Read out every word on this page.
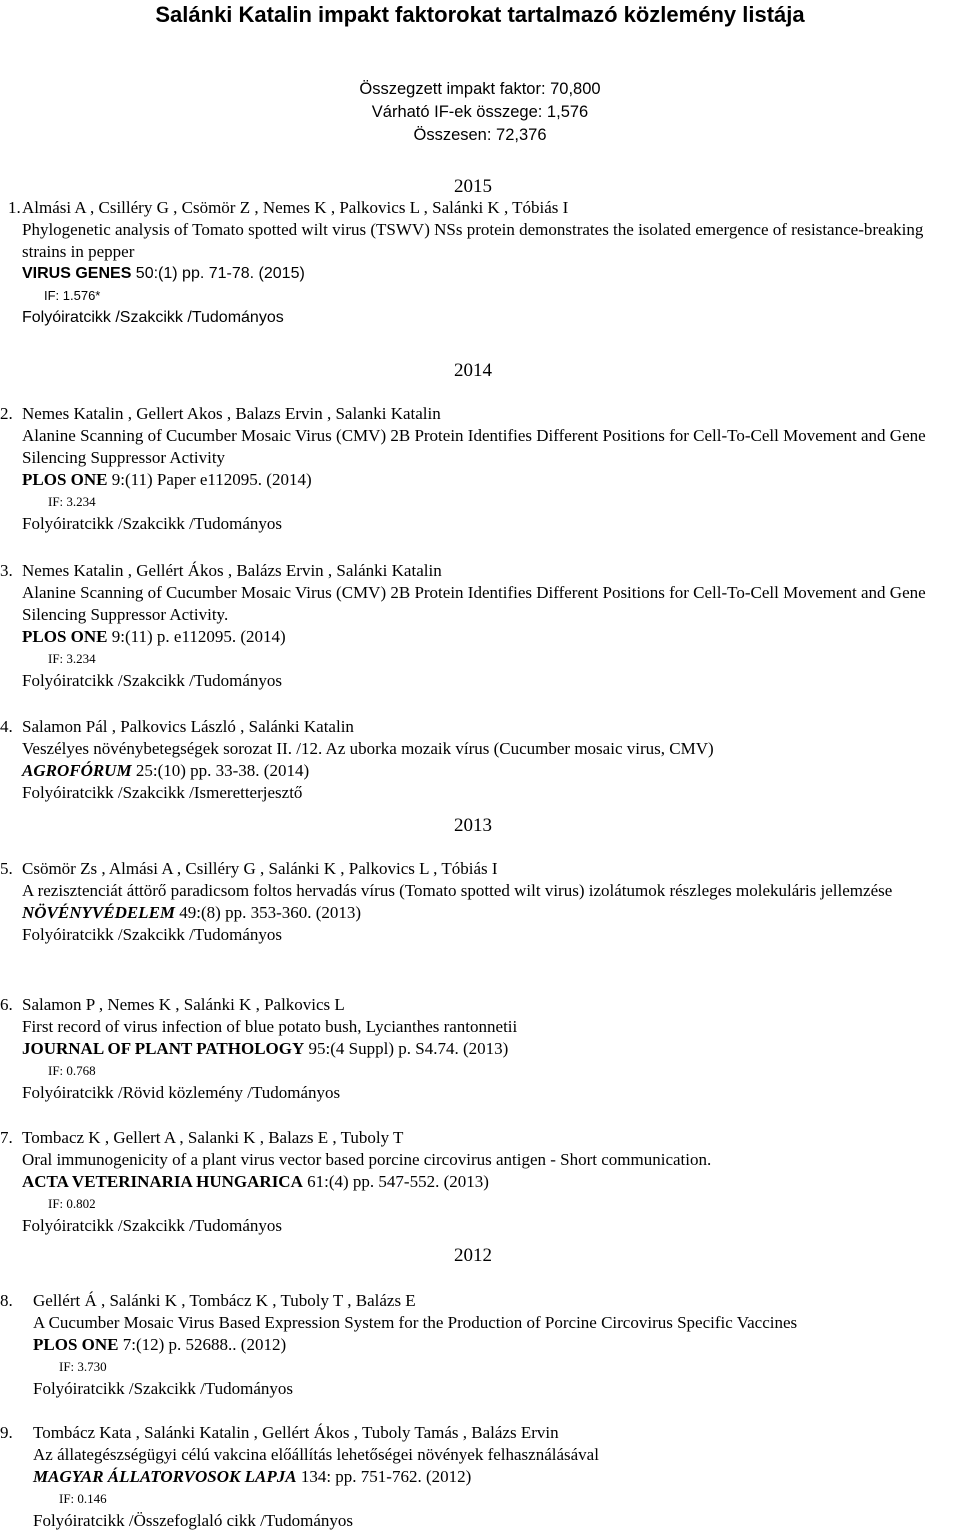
Salánki Katalin impakt faktorokat tartalmazó közlemény listája
Összegzett impakt faktor: 70,800
Várható IF-ek összege: 1,576
Összesen: 72,376
2015
1. Almási A , Csilléry G , Csömör Z , Nemes K , Palkovics L , Salánki K , Tóbiás I
Phylogenetic analysis of Tomato spotted wilt virus (TSWV) NSs protein demonstrates the isolated emergence of resistance-breaking strains in pepper
VIRUS GENES 50:(1) pp. 71-78. (2015)
IF: 1.576*
Folyóiratcikk /Szakcikk /Tudományos
2014
2. Nemes Katalin , Gellert Akos , Balazs Ervin , Salanki Katalin
Alanine Scanning of Cucumber Mosaic Virus (CMV) 2B Protein Identifies Different Positions for Cell-To-Cell Movement and Gene Silencing Suppressor Activity
PLOS ONE 9:(11) Paper e112095. (2014)
IF: 3.234
Folyóiratcikk /Szakcikk /Tudományos
3. Nemes Katalin , Gellért Ákos , Balázs Ervin , Salánki Katalin
Alanine Scanning of Cucumber Mosaic Virus (CMV) 2B Protein Identifies Different Positions for Cell-To-Cell Movement and Gene Silencing Suppressor Activity.
PLOS ONE 9:(11) p. e112095. (2014)
IF: 3.234
Folyóiratcikk /Szakcikk /Tudományos
4. Salamon Pál , Palkovics László , Salánki Katalin
Veszélyes növénybetegségek sorozat II. /12. Az uborka mozaik vírus (Cucumber mosaic virus, CMV)
AGROFÓRUM 25:(10) pp. 33-38. (2014)
Folyóiratcikk /Szakcikk /Ismeretterjesztő
2013
5. Csömör Zs , Almási A , Csilléry G , Salánki K , Palkovics L , Tóbiás I
A rezisztenciát áttörő paradicsom foltos hervadás vírus (Tomato spotted wilt virus) izolátumok részleges molekuláris jellemzése
NÖVÉNYVÉDELEM 49:(8) pp. 353-360. (2013)
Folyóiratcikk /Szakcikk /Tudományos
6. Salamon P , Nemes K , Salánki K , Palkovics L
First record of virus infection of blue potato bush, Lycianthes rantonnetii
JOURNAL OF PLANT PATHOLOGY 95:(4 Suppl) p. S4.74. (2013)
IF: 0.768
Folyóiratcikk /Rövid közlemény /Tudományos
7. Tombacz K , Gellert A , Salanki K , Balazs E , Tuboly T
Oral immunogenicity of a plant virus vector based porcine circovirus antigen - Short communication.
ACTA VETERINARIA HUNGARICA 61:(4) pp. 547-552. (2013)
IF: 0.802
Folyóiratcikk /Szakcikk /Tudományos
2012
8. Gellért Á , Salánki K , Tombácz K , Tuboly T , Balázs E
A Cucumber Mosaic Virus Based Expression System for the Production of Porcine Circovirus Specific Vaccines
PLOS ONE 7:(12) p. 52688.. (2012)
IF: 3.730
Folyóiratcikk /Szakcikk /Tudományos
9. Tombácz Kata , Salánki Katalin , Gellért Ákos , Tuboly Tamás , Balázs Ervin
Az állategészségügyi célú vakcina előállítás lehetőségei növények felhasználásával
MAGYAR ÁLLATORVOSOK LAPJA 134: pp. 751-762. (2012)
IF: 0.146
Folyóiratcikk /Összefoglaló cikk /Tudományos
